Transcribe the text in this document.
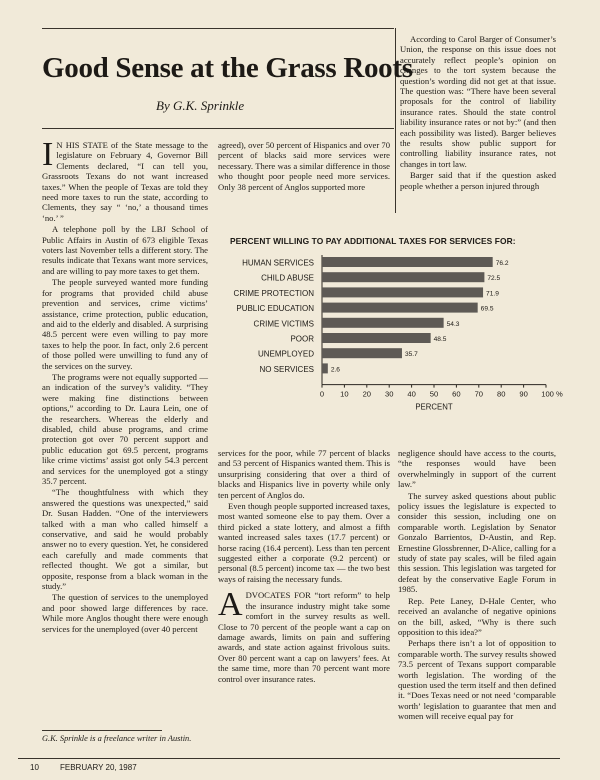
Good Sense at the Grass Roots
By G.K. Sprinkle

According to Carol Barger of Consumer’s Union, the response on this issue does not accurately reflect people’s opinion on changes to the tort system because the question’s wording did not get at that issue. The question was: “There have been several proposals for the control of liability insurance rates. Should the state control liability insurance rates or not by:” (and then each possibility was listed). Barger believes the results show public support for controlling liability insurance rates, not changes in tort law.

Barger said that if the question asked people whether a person injured through

I N HIS STATE of the State message to the legislature on February 4, Governor Bill Clements declared, “I can tell you, Grassroots Texans do not want increased taxes.” When the people of Texas are told they need more taxes to run the state, according to Clements, they say “ ‘no,’ a thousand times ‘no.’ ”

A telephone poll by the LBJ School of Public Affairs in Austin of 673 eligible Texas voters last November tells a different story. The results indicate that Texans want more services, and are willing to pay more taxes to get them.

The people surveyed wanted more funding for programs that provided child abuse prevention and services, crime victims’ assistance, crime protection, public education, and aid to the elderly and disabled. A surprising 48.5 percent were even willing to pay more taxes to help the poor. In fact, only 2.6 percent of those polled were unwilling to fund any of the services on the survey.

The programs were not equally supported — an indication of the survey’s validity. “They were making fine distinctions between options,” according to Dr. Laura Lein, one of the researchers. Whereas the elderly and disabled, child abuse programs, and crime protection got over 70 percent support and public education got 69.5 percent, programs like crime victims’ assist got only 54.3 percent and services for the unemployed got a stingy 35.7 percent.

“The thoughtfulness with which they answered the questions was unexpected,” said Dr. Susan Hadden. “One of the interviewers talked with a man who called himself a conservative, and said he would probably answer no to every question. Yet, he considered each carefully and made comments that reflected thought. We got a similar, but opposite, response from a black woman in the study.”

The question of services to the unemployed and poor showed large differences by race. While more Anglos thought there were enough services for the unemployed (over 40 percent

G.K. Sprinkle is a freelance writer in Austin.

agreed), over 50 percent of Hispanics and over 70 percent of blacks said more services were necessary. There was a similar difference in those who thought poor people need more services. Only 38 percent of Anglos supported more

PERCENT WILLING TO PAY ADDITIONAL TAXES FOR SERVICES FOR:
HUMAN SERVICES	76.2
CHILD ABUSE	72.5
CRIME PROTECTION	71.9
PUBLIC EDUCATION	69.5
CRIME VICTIMS	54.3
POOR	48.5
UNEMPLOYED	35.7
NO SERVICES	2.6
0 10 20 30 40 50 60 70 80 90 100 %
PERCENT

services for the poor, while 77 percent of blacks and 53 percent of Hispanics wanted them. This is unsurprising considering that over a third of blacks and Hispanics live in poverty while only ten percent of Anglos do.

Even though people supported increased taxes, most wanted someone else to pay them. Over a third picked a state lottery, and almost a fifth wanted increased sales taxes (17.7 percent) or horse racing (16.4 percent). Less than ten percent suggested either a corporate (9.2 percent) or personal (8.5 percent) income tax — the two best ways of raising the necessary funds.

ADVOCATES FOR “tort reform” to help the insurance industry might take some comfort in the survey results as well. Close to 70 percent of the people want a cap on damage awards, limits on pain and suffering awards, and state action against frivolous suits. Over 80 percent want a cap on lawyers’ fees. At the same time, more than 70 percent want more control over insurance rates.

negligence should have access to the courts, “the responses would have been overwhelmingly in support of the current law.”

The survey asked questions about public policy issues the legislature is expected to consider this session, including one on comparable worth. Legislation by Senator Gonzalo Barrientos, D-Austin, and Rep. Ernestine Glossbrenner, D-Alice, calling for a study of state pay scales, will be filed again this session. This legislation was targeted for defeat by the conservative Eagle Forum in 1985.

Rep. Pete Laney, D-Hale Center, who received an avalanche of negative opinions on the bill, asked, “Why is there such opposition to this idea?”

Perhaps there isn’t a lot of opposition to comparable worth. The survey results showed 73.5 percent of Texans support comparable worth legislation. The wording of the question used the term itself and then defined it. “Does Texas need or not need ‘comparable worth’ legislation to guarantee that men and women will receive equal pay for

10	FEBRUARY 20, 1987
